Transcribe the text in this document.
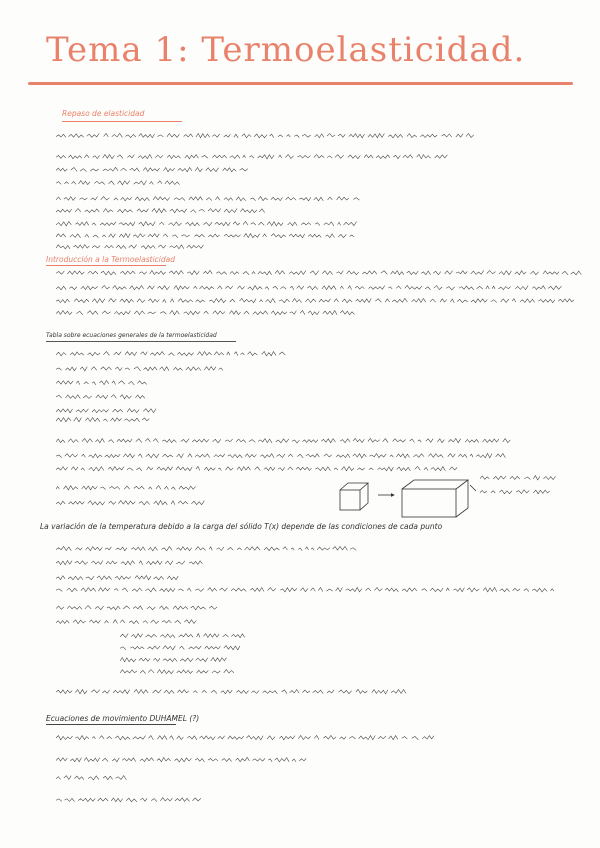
Tema 1: Termoelasticidad.
Repaso de elasticidad
Introducción a la Termoelasticidad
Tabla sobre ecuaciones generales de la termoelasticidad
La variación de la temperatura debido a la carga del sólido T(x) depende de las condiciones de cada punto
Ecuaciones de movimiento DUHAMEL (?)
